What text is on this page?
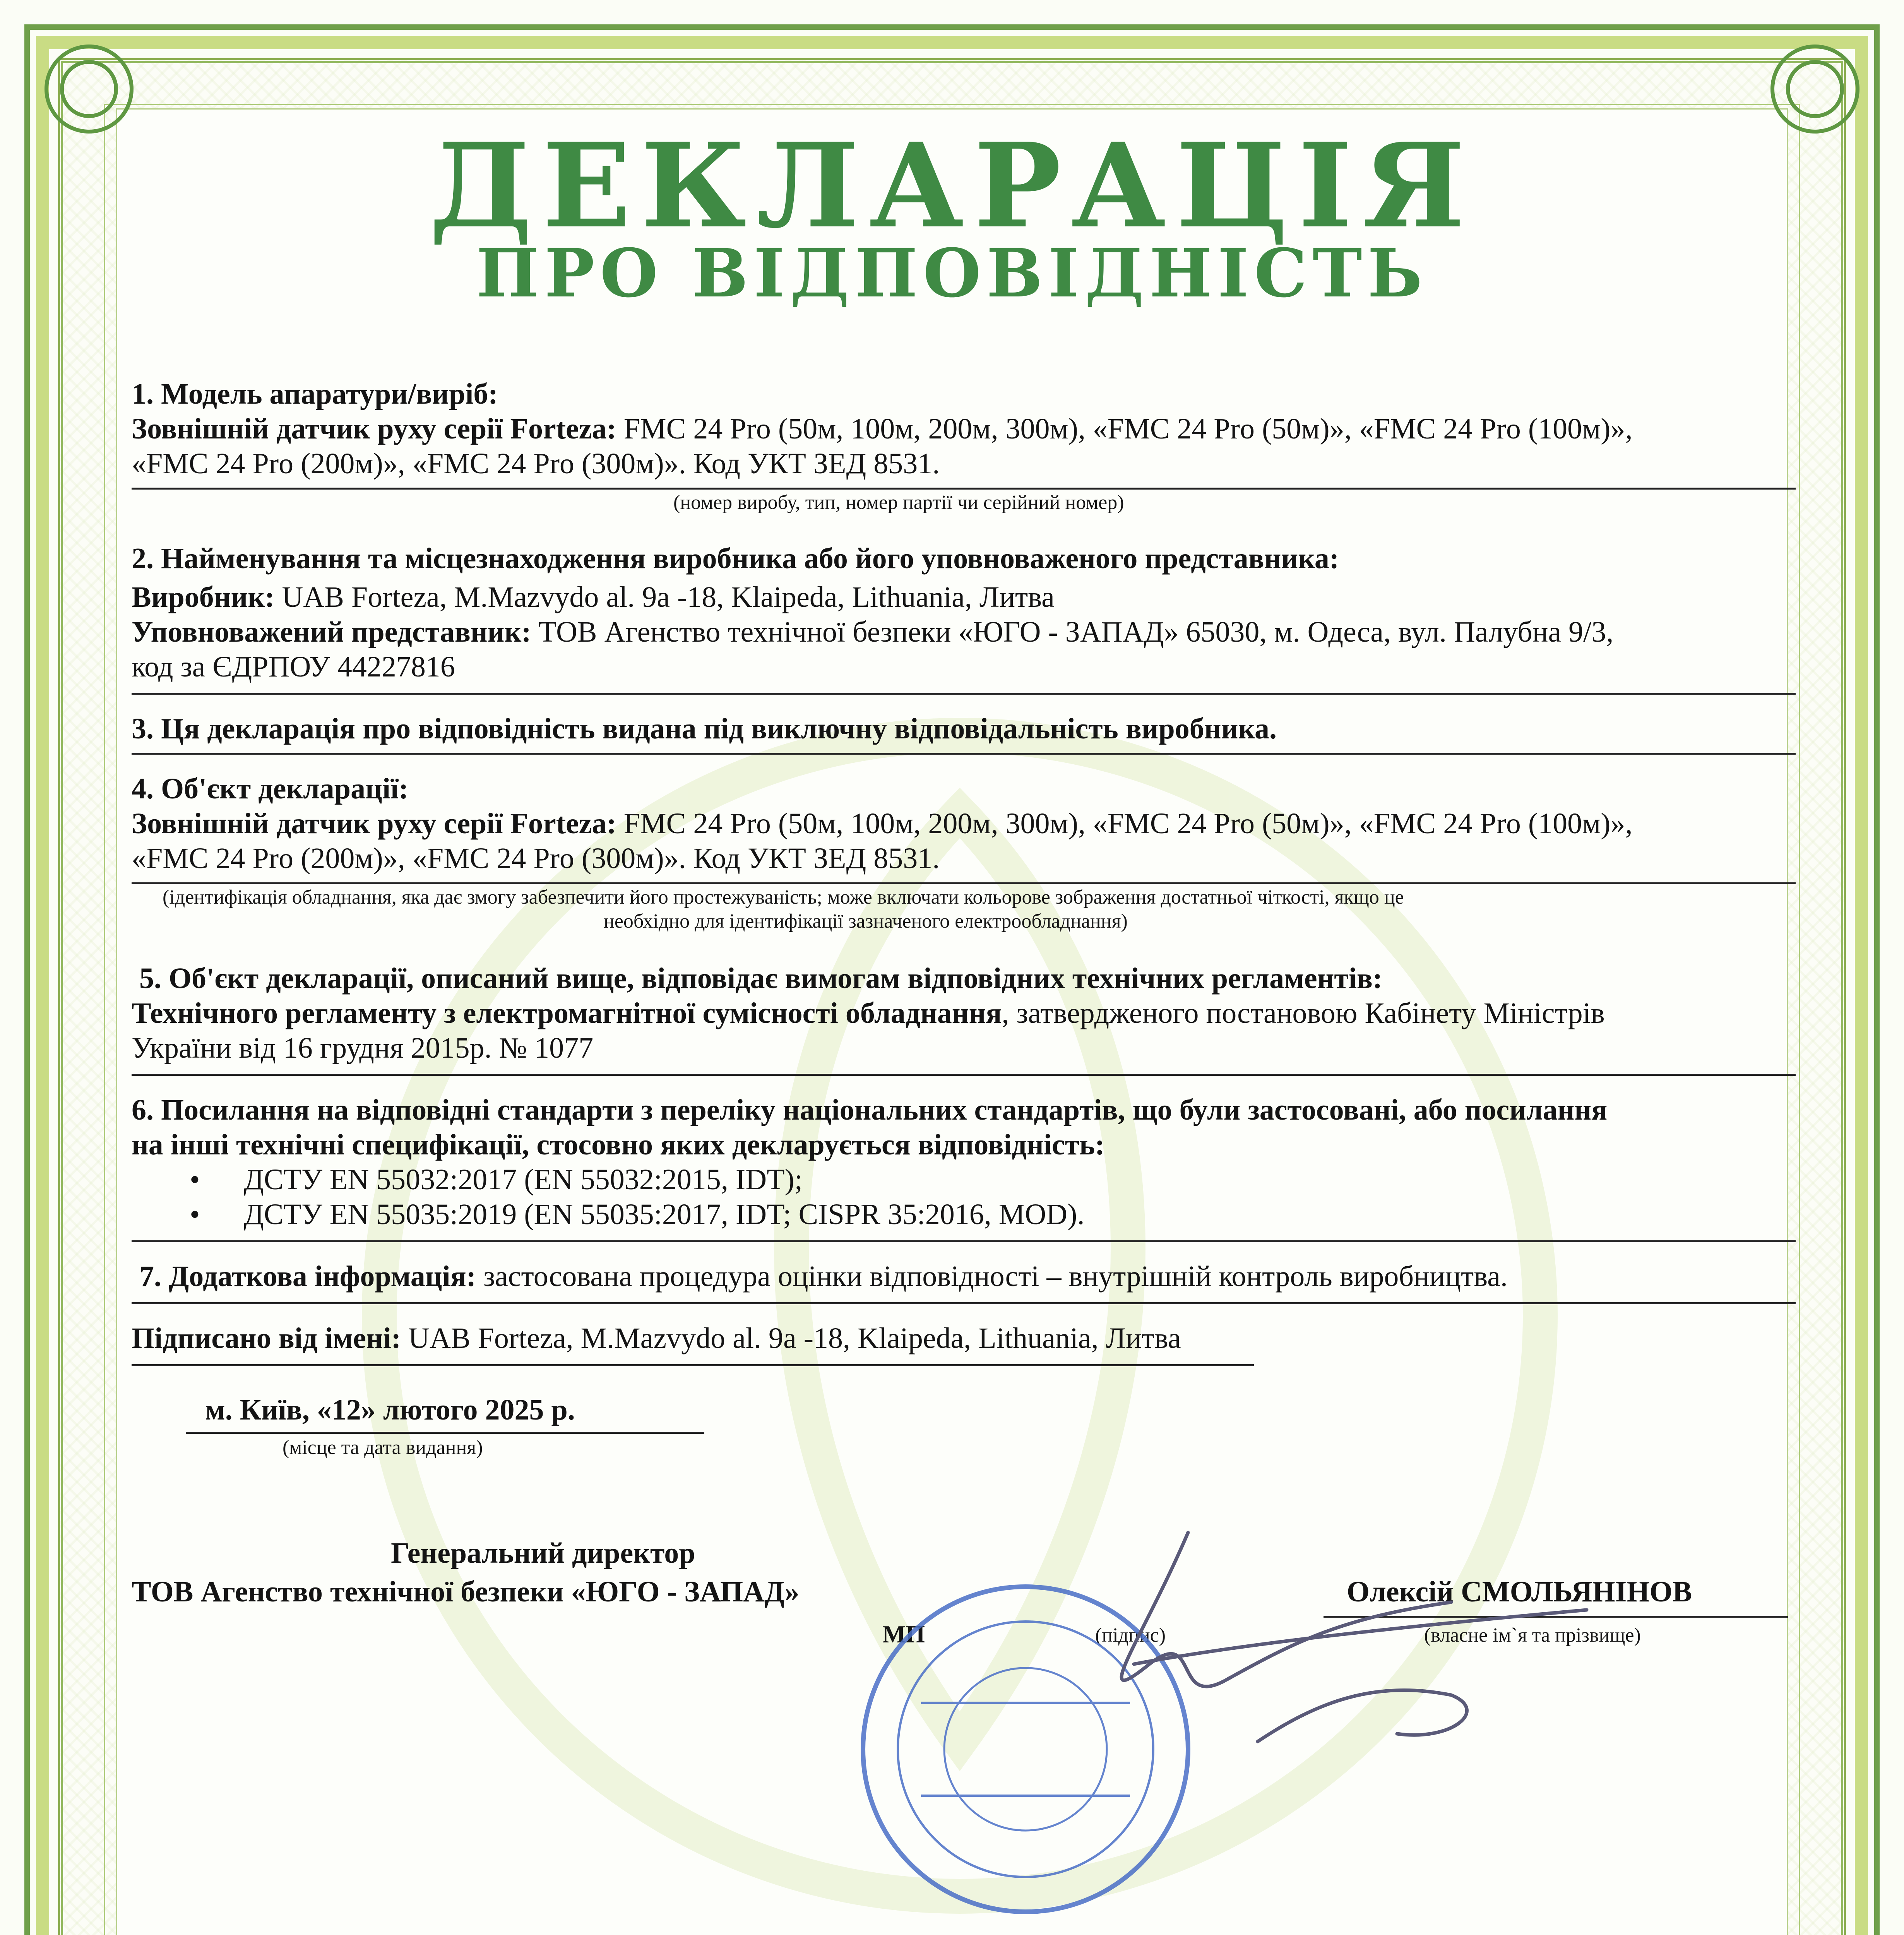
ДЕКЛАРАЦІЯ
ПРО ВІДПОВІДНІСТЬ
1. Модель апаратури/виріб:
Зовнішній датчик руху серії Forteza: FMC 24 Pro (50м, 100м, 200м, 300м), «FMC 24 Pro (50м)», «FMC 24 Pro (100м)»,
«FMC 24 Pro (200м)», «FMC 24 Pro (300м)». Код УКТ ЗЕД 8531.
(номер виробу, тип, номер партії чи серійний номер)
2. Найменування та місцезнаходження виробника або його уповноваженого представника:
Виробник: UAB Forteza, M.Mazvydo al. 9a -18, Klaipeda, Lithuania, Литва
Уповноважений представник: ТОВ Агенство технічної безпеки «ЮГО - ЗАПАД» 65030, м. Одеса, вул. Палубна 9/3,
код за ЄДРПОУ 44227816
3. Ця декларація про відповідність видана під виключну відповідальність виробника.
4. Об'єкт декларації:
Зовнішній датчик руху серії Forteza: FMC 24 Pro (50м, 100м, 200м, 300м), «FMC 24 Pro (50м)», «FMC 24 Pro (100м)»,
«FMC 24 Pro (200м)», «FMC 24 Pro (300м)». Код УКТ ЗЕД 8531.
(ідентифікація обладнання, яка дає змогу забезпечити його простежуваність; може включати кольорове зображення достатньої чіткості, якщо це
необхідно для ідентифікації зазначеного електрообладнання)
5. Об'єкт декларації, описаний вище, відповідає вимогам відповідних технічних регламентів:
Технічного регламенту з електромагнітної сумісності обладнання, затвердженого постановою Кабінету Міністрів
України від 16 грудня 2015р. № 1077
6. Посилання на відповідні стандарти з переліку національних стандартів, що були застосовані, або посилання
на інші технічні специфікації, стосовно яких декларується відповідність:
• ДСТУ EN 55032:2017 (EN 55032:2015, IDT);
• ДСТУ EN 55035:2019 (EN 55035:2017, IDT; CISPR 35:2016, MOD).
7. Додаткова інформація: застосована процедура оцінки відповідності – внутрішній контроль виробництва.
Підписано від імені: UAB Forteza, M.Mazvydo al. 9a -18, Klaipeda, Lithuania, Литва
м. Київ, «12» лютого 2025 р.
(місце та дата видання)
Генеральний директор
ТОВ Агенство технічної безпеки «ЮГО - ЗАПАД»
МП	(підпис)
Олексій СМОЛЬЯНІНОВ
(власне ім`я та прізвище)
